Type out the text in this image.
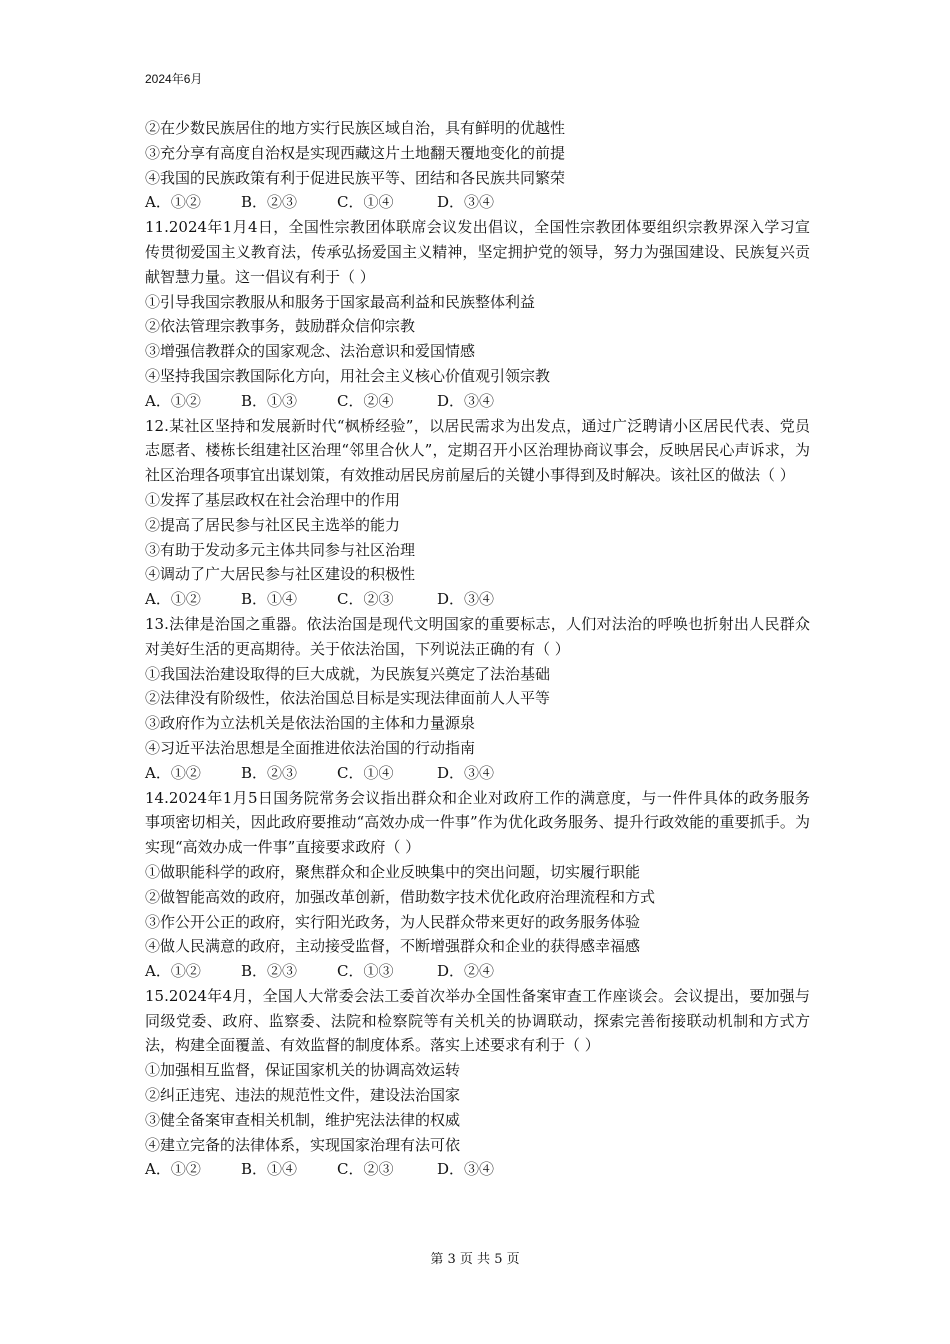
2024年6月
②在少数民族居住的地方实行民族区域自治，具有鲜明的优越性
③充分享有高度自治权是实现西藏这片土地翻天覆地变化的前提
④我国的民族政策有利于促进民族平等、团结和各民族共同繁荣
A．①②	B．②③	C．①④	D．③④
11.2024年1月4日，全国性宗教团体联席会议发出倡议，全国性宗教团体要组织宗教界深入学习宣传贯彻爱国主义教育法，传承弘扬爱国主义精神，坚定拥护党的领导，努力为强国建设、民族复兴贡献智慧力量。这一倡议有利于（ ）
①引导我国宗教服从和服务于国家最高利益和民族整体利益
②依法管理宗教事务，鼓励群众信仰宗教
③增强信教群众的国家观念、法治意识和爱国情感
④坚持我国宗教国际化方向，用社会主义核心价值观引领宗教
A．①②	B．①③	C．②④	D．③④
12.某社区坚持和发展新时代“枫桥经验”，以居民需求为出发点，通过广泛聘请小区居民代表、党员志愿者、楼栋长组建社区治理“邻里合伙人”，定期召开小区治理协商议事会，反映居民心声诉求，为社区治理各项事宜出谋划策，有效推动居民房前屋后的关键小事得到及时解决。该社区的做法（ ）
①发挥了基层政权在社会治理中的作用
②提高了居民参与社区民主选举的能力
③有助于发动多元主体共同参与社区治理
④调动了广大居民参与社区建设的积极性
A．①②	B．①④	C．②③	D．③④
13.法律是治国之重器。依法治国是现代文明国家的重要标志，人们对法治的呼唤也折射出人民群众对美好生活的更高期待。关于依法治国，下列说法正确的有（ ）
①我国法治建设取得的巨大成就，为民族复兴奠定了法治基础
②法律没有阶级性，依法治国总目标是实现法律面前人人平等
③政府作为立法机关是依法治国的主体和力量源泉
④习近平法治思想是全面推进依法治国的行动指南
A．①②	B．②③	C．①④	D．③④
14.2024年1月5日国务院常务会议指出群众和企业对政府工作的满意度，与一件件具体的政务服务事项密切相关，因此政府要推动“高效办成一件事”作为优化政务服务、提升行政效能的重要抓手。为实现“高效办成一件事”直接要求政府（ ）
①做职能科学的政府，聚焦群众和企业反映集中的突出问题，切实履行职能
②做智能高效的政府，加强改革创新，借助数字技术优化政府治理流程和方式
③作公开公正的政府，实行阳光政务，为人民群众带来更好的政务服务体验
④做人民满意的政府，主动接受监督，不断增强群众和企业的获得感幸福感
A．①②	B．②③	C．①③	D．②④
15.2024年4月，全国人大常委会法工委首次举办全国性备案审查工作座谈会。会议提出，要加强与同级党委、政府、监察委、法院和检察院等有关机关的协调联动，探索完善衔接联动机制和方式方法，构建全面覆盖、有效监督的制度体系。落实上述要求有利于（ ）
①加强相互监督，保证国家机关的协调高效运转
②纠正违宪、违法的规范性文件，建设法治国家
③健全备案审查相关机制，维护宪法法律的权威
④建立完备的法律体系，实现国家治理有法可依
A．①②	B．①④	C．②③	D．③④
第 3 页 共 5 页
